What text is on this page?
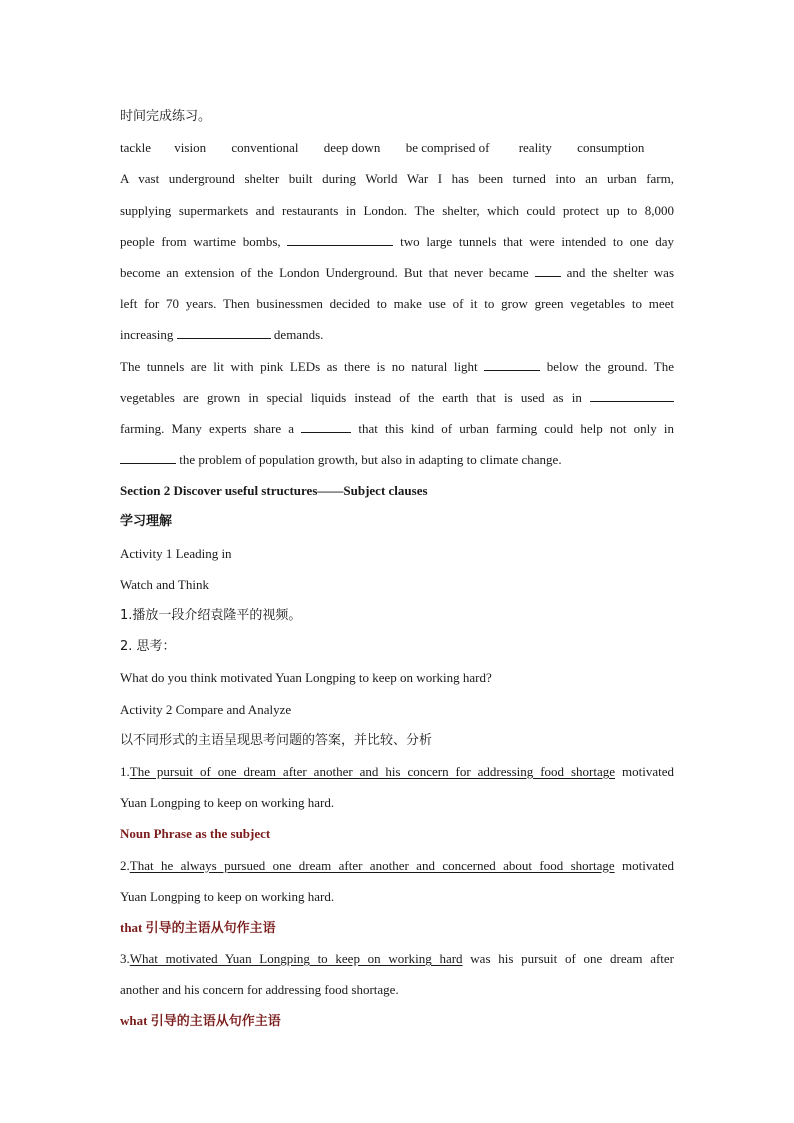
时间完成练习。
tackle vision conventional deep down be comprised of reality consumption
A vast underground shelter built during World War I has been turned into an urban farm,
supplying supermarkets and restaurants in London. The shelter, which could protect up to 8,000
people from wartime bombs,	two large tunnels that were intended to one day
become an extension of the London Underground. But that never became	and the shelter was
left for 70 years. Then businessmen decided to make use of it to grow green vegetables to meet
increasing	demands.
The tunnels are lit with pink LEDs as there is no natural light	below the ground. The
vegetables are grown in special liquids instead of the earth that is used as in
farming. Many experts share a	that this kind of urban farming could help not only in
the problem of population growth, but also in adapting to climate change.
Section 2 Discover useful structures——Subject clauses
学习理解
Activity 1 Leading in
Watch and Think
1.播放一段介绍袁隆平的视频。
2. 思考：
What do you think motivated Yuan Longping to keep on working hard?
Activity 2 Compare and Analyze
以不同形式的主语呈现思考问题的答案，并比较、分析
1.The pursuit of one dream after another and his concern for addressing food shortage motivated
Yuan Longping to keep on working hard.
Noun Phrase as the subject
2.That he always pursued one dream after another and concerned about food shortage motivated
Yuan Longping to keep on working hard.
that 引导的主语从句作主语
3.What motivated Yuan Longping to keep on working hard was his pursuit of one dream after
another and his concern for addressing food shortage.
what 引导的主语从句作主语
